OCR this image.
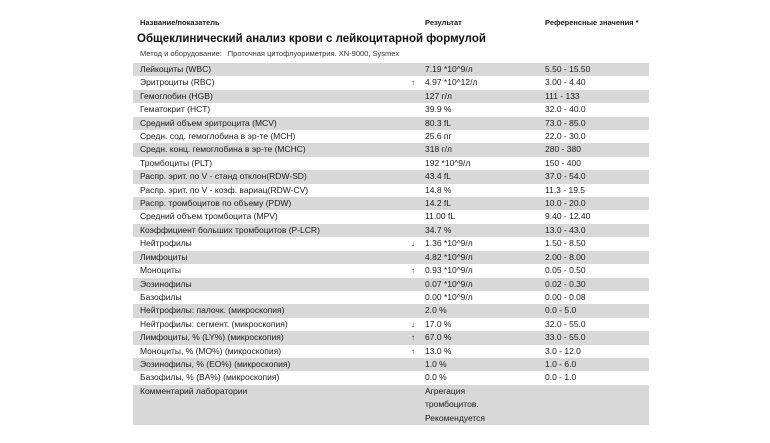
Название/показатель	Результат	Референсные значения *
Общеклинический анализ крови с лейкоцитарной формулой
Метод и оборудование: Проточная цитофлуориметрия. XN-9000, Sysmex
Лейкоциты (WBC)	7.19 *10^9/л	5.50 - 15.50
Эритроциты (RBC)	↑	4.97 *10^12/л	3.00 - 4.40
Гемоглобин (HGB)	127 г/л	111 - 133
Гематокрит (HCT)	39.9 %	32.0 - 40.0
Средний объем эритроцита (MCV)	80.3 fL	73.0 - 85.0
Средн. сод. гемоглобина в эр-те (MCH)	25.6 пг	22.0 - 30.0
Средн. конц. гемоглобина в эр-те (MCHC)	318 г/л	280 - 380
Тромбоциты (PLT)	192 *10^9/л	150 - 400
Распр. эрит. по V - станд отклон(RDW-SD)	43.4 fL	37.0 - 54.0
Распр. эрит. по V - коэф. вариац(RDW-CV)	14.8 %	11.3 - 19.5
Распр. тромбоцитов по объему (PDW)	14.2 fL	10.0 - 20.0
Средний объем тромбоцита (MPV)	11.00 fL	9.40 - 12.40
Коэффициент больших тромбоцитов (P-LCR)	34.7 %	13.0 - 43.0
Нейтрофилы	↓	1.36 *10^9/л	1.50 - 8.50
Лимфоциты	4.82 *10^9/л	2.00 - 8.00
Моноциты	↑	0.93 *10^9/л	0.05 - 0.50
Эозинофилы	0.07 *10^9/л	0.02 - 0.30
Базофилы	0.00 *10^9/л	0.00 - 0.08
Нейтрофилы: палочк. (микроскопия)	2.0 %	0.0 - 5.0
Нейтрофилы: сегмент. (микроскопия)	↓	17.0 %	32.0 - 55.0
Лимфоциты, % (LY%) (микроскопия)	↑	67.0 %	33.0 - 55.0
Моноциты, % (MO%) (микроскопия)	↑	13.0 %	3.0 - 12.0
Эозинофилы, % (EO%) (микроскопия)	1.0 %	1.0 - 6.0
Базофилы, % (BA%) (микроскопия)	0.0 %	0.0 - 1.0
Комментарий лаборатории	Агрегация тромбоцитов. Рекомендуется
